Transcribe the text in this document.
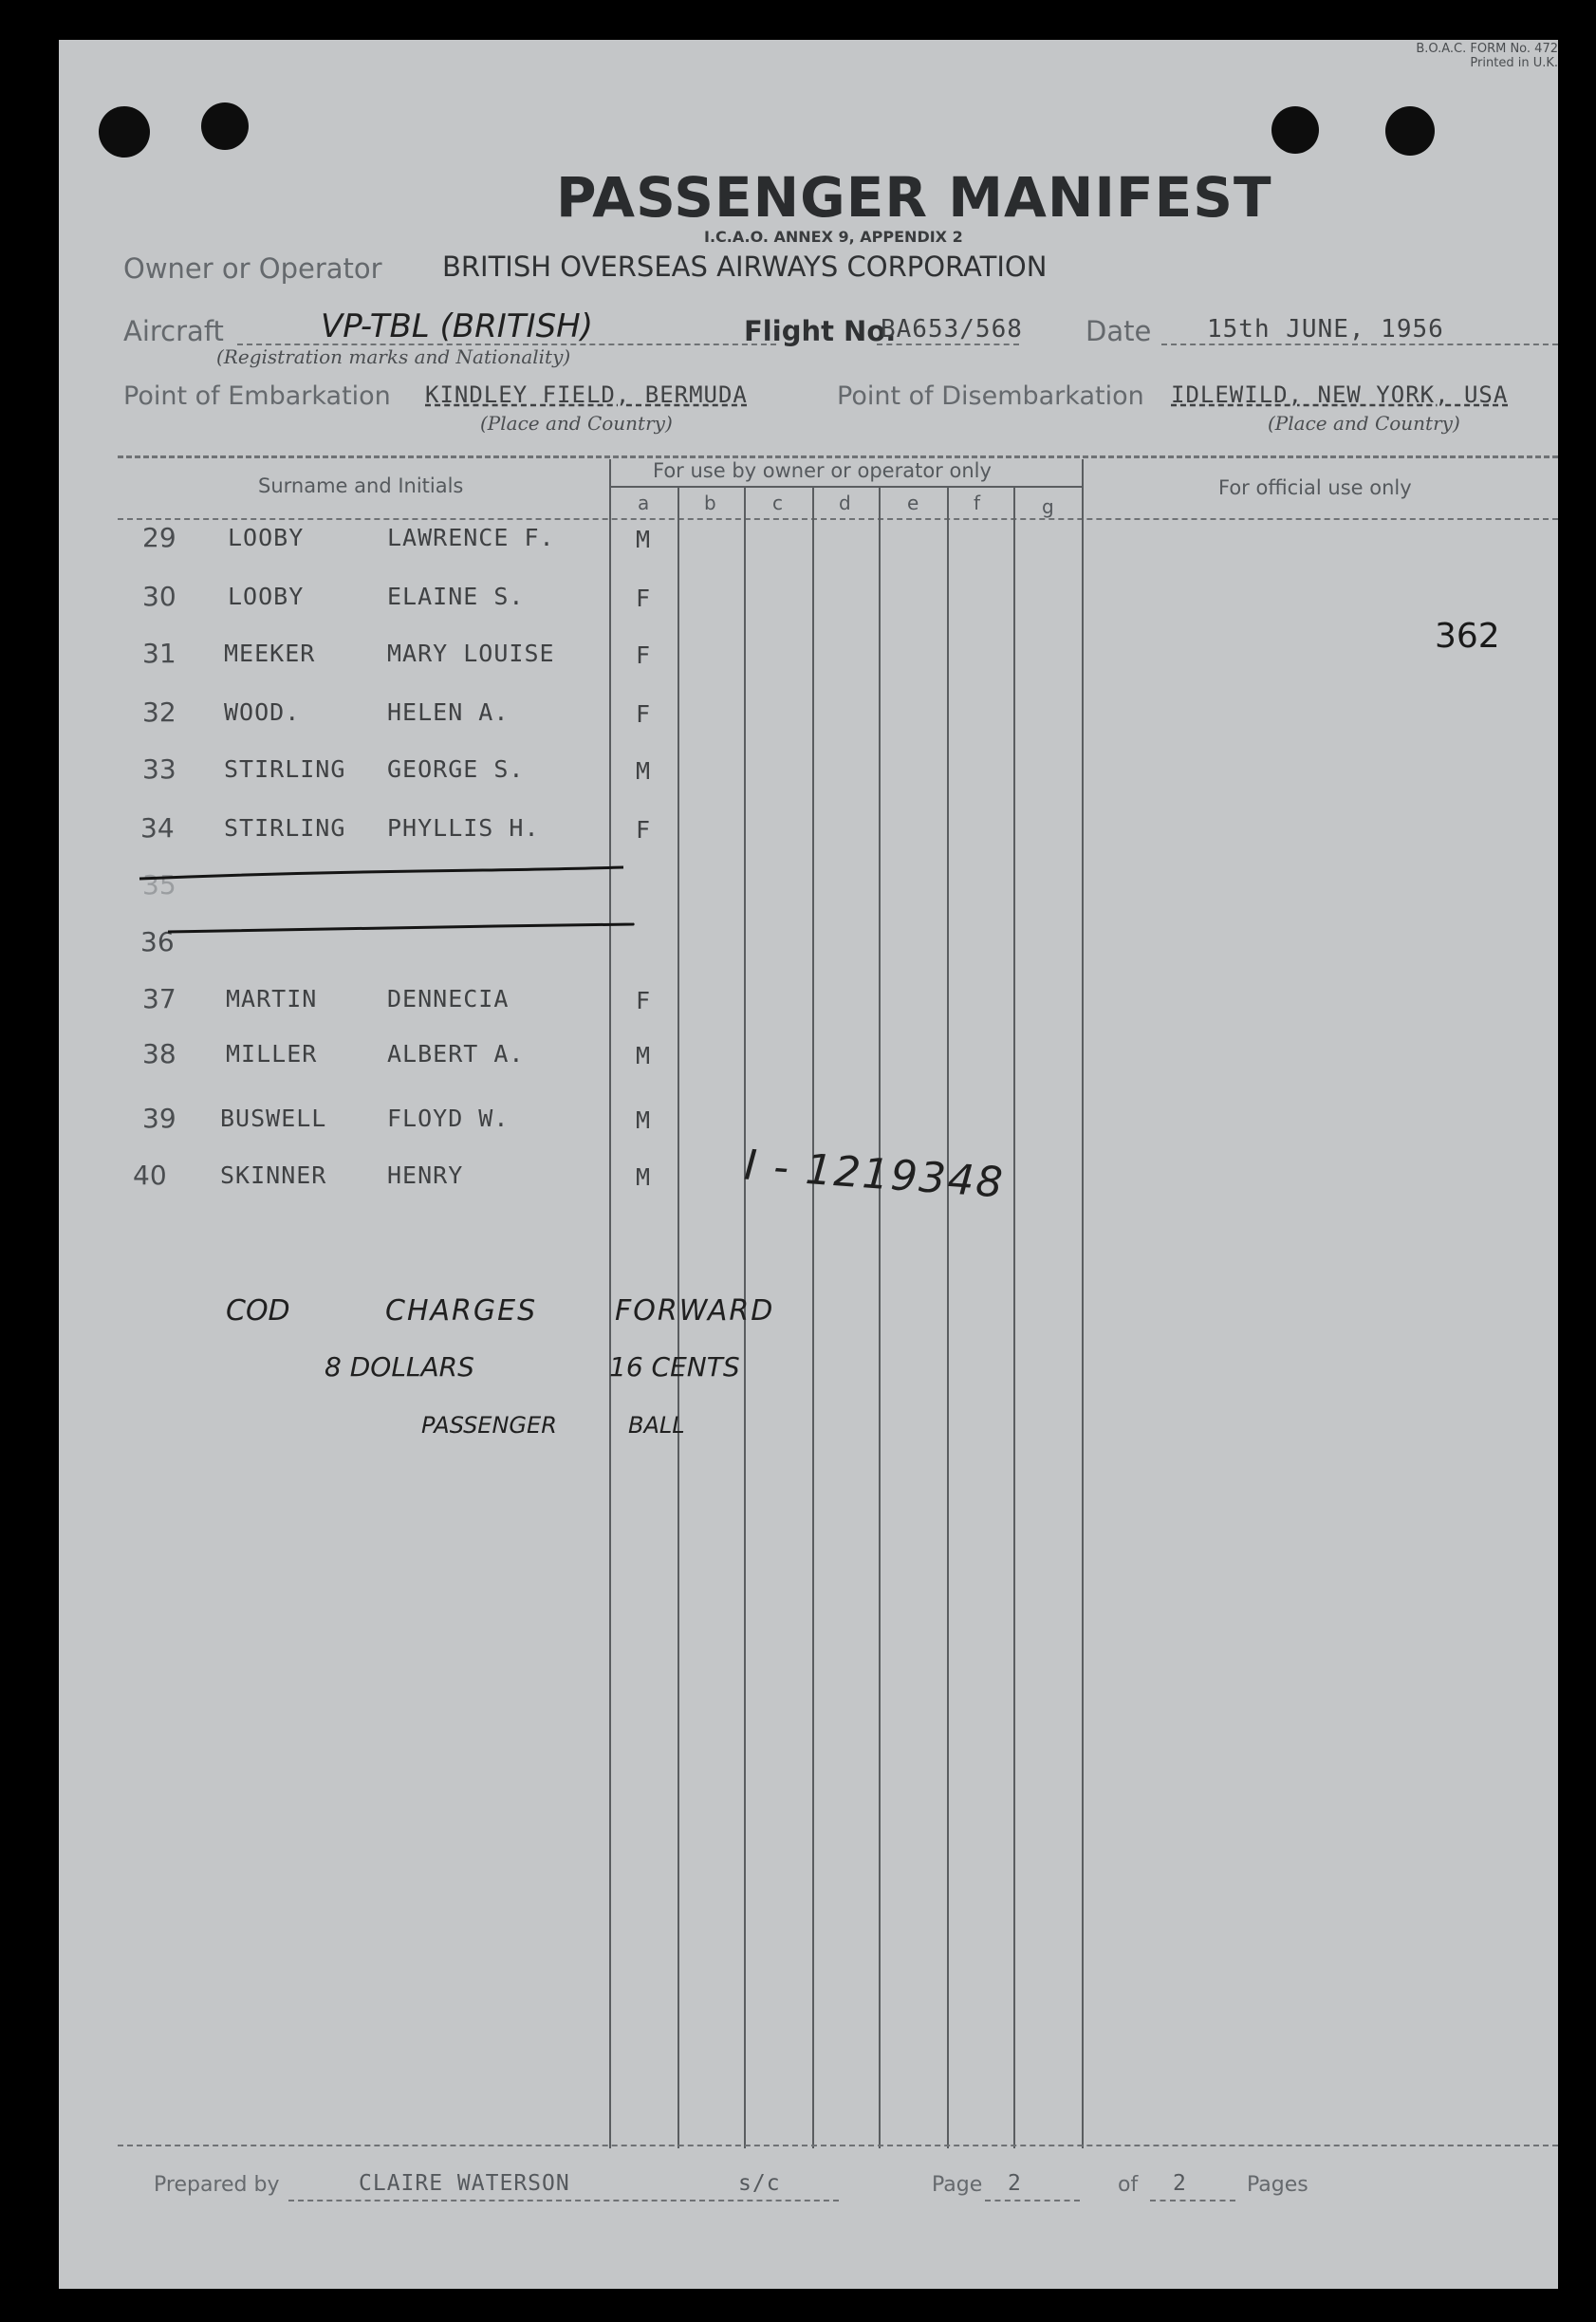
B.O.A.C. FORM No. 472
Printed in U.K.
PASSENGER MANIFEST
I.C.A.O. ANNEX 9, APPENDIX 2
Owner or Operator BRITISH OVERSEAS AIRWAYS CORPORATION
Aircraft	VP-TBL (BRITISH)
(Registration marks and Nationality)
Flight No.
BA653/568 Date 15th JUNE, 1956
Point of Embarkation KINDLEY FIELD, BERMUDA
(Place and Country)
Point of Disembarkation IDLEWILD, NEW YORK, USA
(Place and Country)
Surname and Initials
For use by owner or operator only
For official use only
a	b	c	d	e	f	g
362
29 LOOBY	LAWRENCE F.	M
30 LOOBY	ELAINE S.	F
31 MEEKER	MARY LOUISE	F
32 WOOD.	HELEN A.	F
33 STIRLING GEORGE S.	M
34 STIRLING PHYLLIS H.	F
35
36
37 MARTIN	DENNECIA	F
38 MILLER	ALBERT A.	M
39 BUSWELL	FLOYD W.	M
40 SKINNER	HENRY	M I - 1219348
COD	CHARGES	FORWARD
8 DOLLARS	16 CENTS
PASSENGER	BALL
Prepared by	CLAIRE WATERSON	s/c	Page 2	of 2	Pages
